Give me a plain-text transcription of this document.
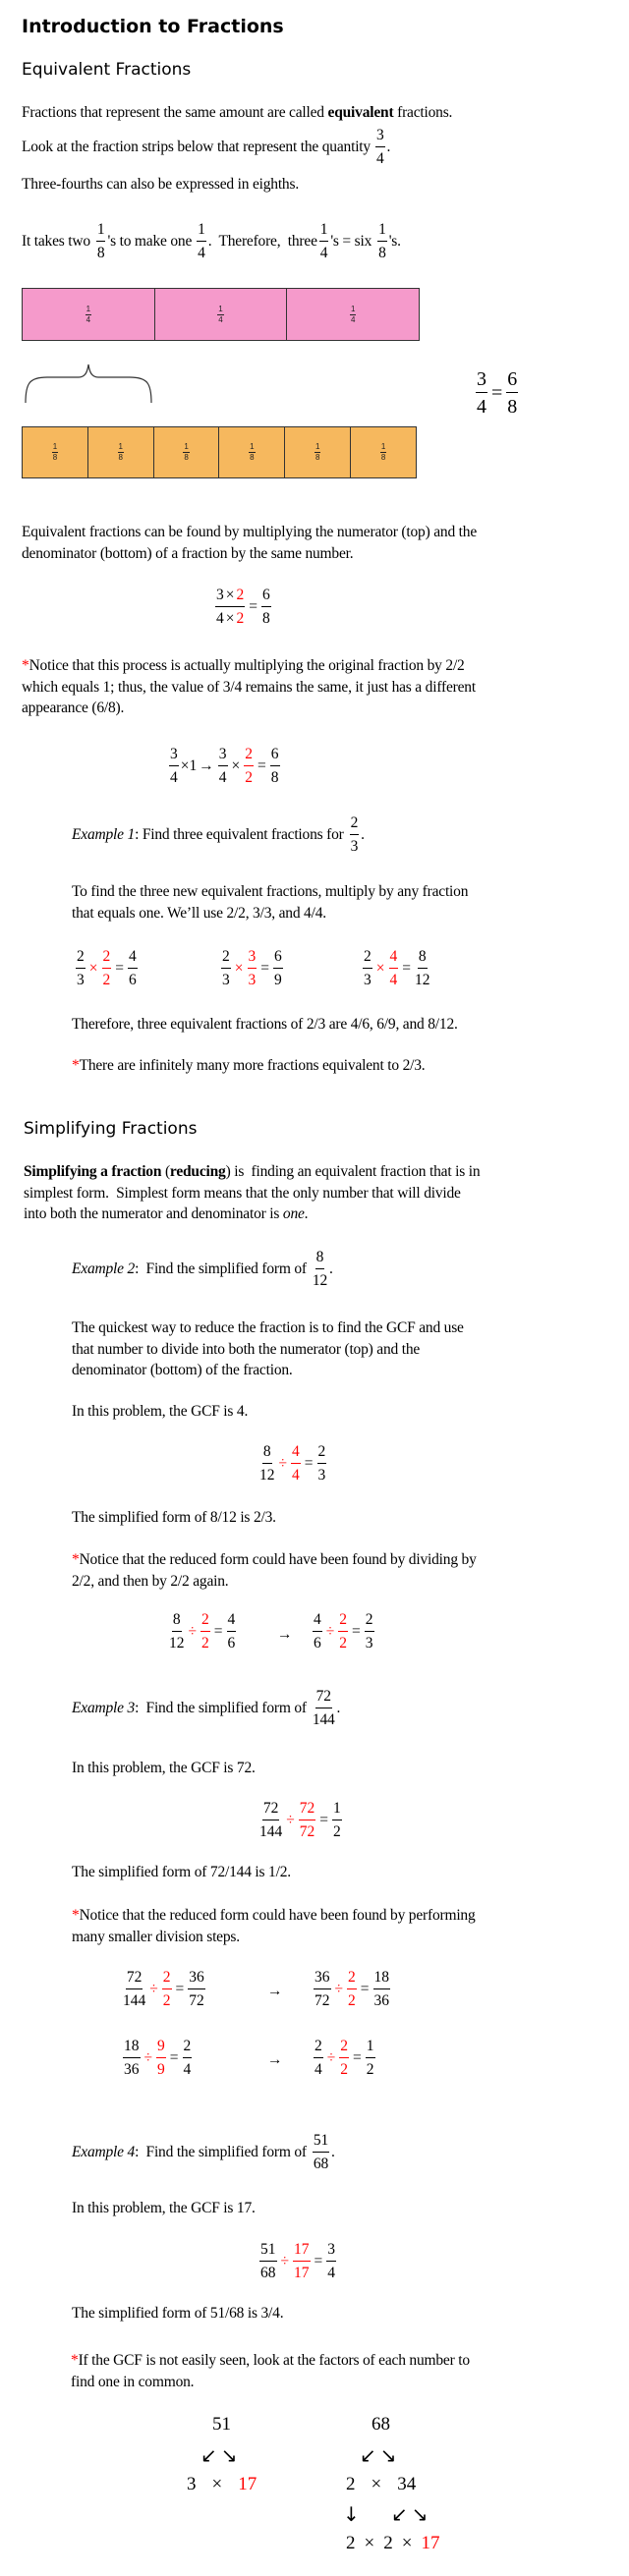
Introduction to Fractions
Equivalent Fractions
Fractions that represent the same amount are called equivalent fractions.
Look at the fraction strips below that represent the quantity
3
4
.
Three-fourths can also be expressed in eighths.
It takes two
1
8
's to make one
1
4
.  Therefore,  three
1
4
's = six
1
8
's.
1
4
1
4
1
4
1
8
1
8
1
8
1
8
1
8
1
8
$\frac{3}{4} = \frac{6}{8}$
Equivalent fractions can be found by multiplying the numerator (top) and the
denominator (bottom) of a fraction by the same number.
$\frac{3 \times 2}{4 \times 2} = \frac{6}{8}$
*Notice that this process is actually multiplying the original fraction by 2/2
which equals 1; thus, the value of 3/4 remains the same, it just has a different
appearance (6/8).
$\frac{3}{4} \times 1 \to \frac{3}{4} \times \frac{2}{2} = \frac{6}{8}$
Example 1 : Find three equivalent fractions for
2
3
.
To find the three new equivalent fractions, multiply by any fraction
that equals one. We’ll use 2/2, 3/3, and 4/4.
$\frac{2}{3} \times \frac{2}{2} = \frac{4}{6}$	$\frac{2}{3} \times \frac{3}{3} = \frac{6}{9}$	$\frac{2}{3} \times \frac{4}{4} = \frac{8}{12}$
Therefore, three equivalent fractions of 2/3 are 4/6, 6/9, and 8/12.
*There are infinitely many more fractions equivalent to 2/3.
Simplifying Fractions
Simplifying a fraction (reducing) is  finding an equivalent fraction that is in
simplest form.  Simplest form means that the only number that will divide
into both the numerator and denominator is one.
Example 2 :  Find the simplified form of
8
12
.
The quickest way to reduce the fraction is to find the GCF and use
that number to divide into both the numerator (top) and the
denominator (bottom) of the fraction.
In this problem, the GCF is 4.
$\frac{8}{12} \div \frac{4}{4} = \frac{2}{3}$
The simplified form of 8/12 is 2/3.
*Notice that the reduced form could have been found by dividing by
2/2, and then by 2/2 again.
$\frac{8}{12} \div \frac{2}{2} = \frac{4}{6}$	→ $\frac{4}{6} \div \frac{2}{2} = \frac{2}{3}$
Example 3 :  Find the simplified form of
72
144
.
In this problem, the GCF is 72.
$\frac{72}{144} \div \frac{72}{72} = \frac{1}{2}$
The simplified form of 72/144 is 1/2.
*Notice that the reduced form could have been found by performing
many smaller division steps.
$\frac{72}{144} \div \frac{2}{2} = \frac{36}{72}$	→ $\frac{36}{72} \div \frac{2}{2} = \frac{18}{36}$
$\frac{18}{36} \div \frac{9}{9} = \frac{2}{4}$	→ $\frac{2}{4} \div \frac{2}{2} = \frac{1}{2}$
Example 4 :  Find the simplified form of
51
68
.
In this problem, the GCF is 17.
$\frac{51}{68} \div \frac{17}{17} = \frac{3}{4}$
The simplified form of 51/68 is 3/4.
*If the GCF is not easily seen, look at the factors of each number to
find one in common.
51
↙↘
3 × 17
68
↙↘
2 × 34
↓ ↙↘
2 × 2 × 17
